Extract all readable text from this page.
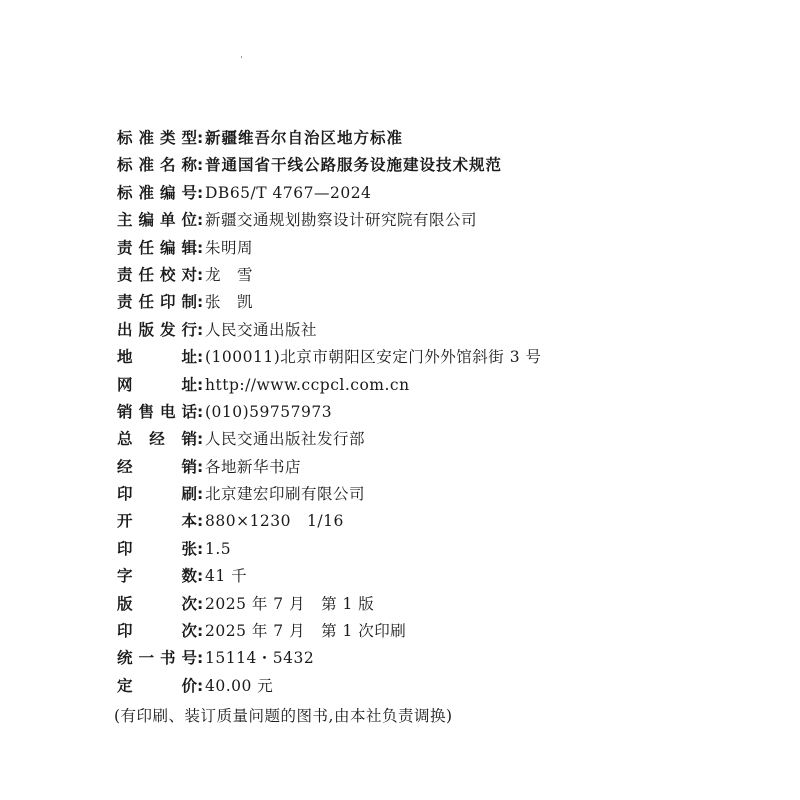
标准类型 : 新疆维吾尔自治区地方标准
标准名称 : 普通国省干线公路服务设施建设技术规范
标准编号 : DB65/T 4767—2024
主编单位 : 新疆交通规划勘察设计研究院有限公司
责任编辑 : 朱明周
责任校对 : 龙　雪
责任印制 : 张　凯
出版发行 : 人民交通出版社
地　　址 : (100011)北京市朝阳区安定门外外馆斜街 3 号
网　　址 : http://www.ccpcl.com.cn
销售电话 : (010)59757973
总 经 销 : 人民交通出版社发行部
经　　销 : 各地新华书店
印　　刷 : 北京建宏印刷有限公司
开　　本 : 880×1230　1/16
印　　张 : 1.5
字　　数 : 41 千
版　　次 : 2025 年 7 月　第 1 版
印　　次 : 2025 年 7 月　第 1 次印刷
统一书号 : 15114・5432
定　　价 : 40.00 元
(有印刷、装订质量问题的图书,由本社负责调换)
